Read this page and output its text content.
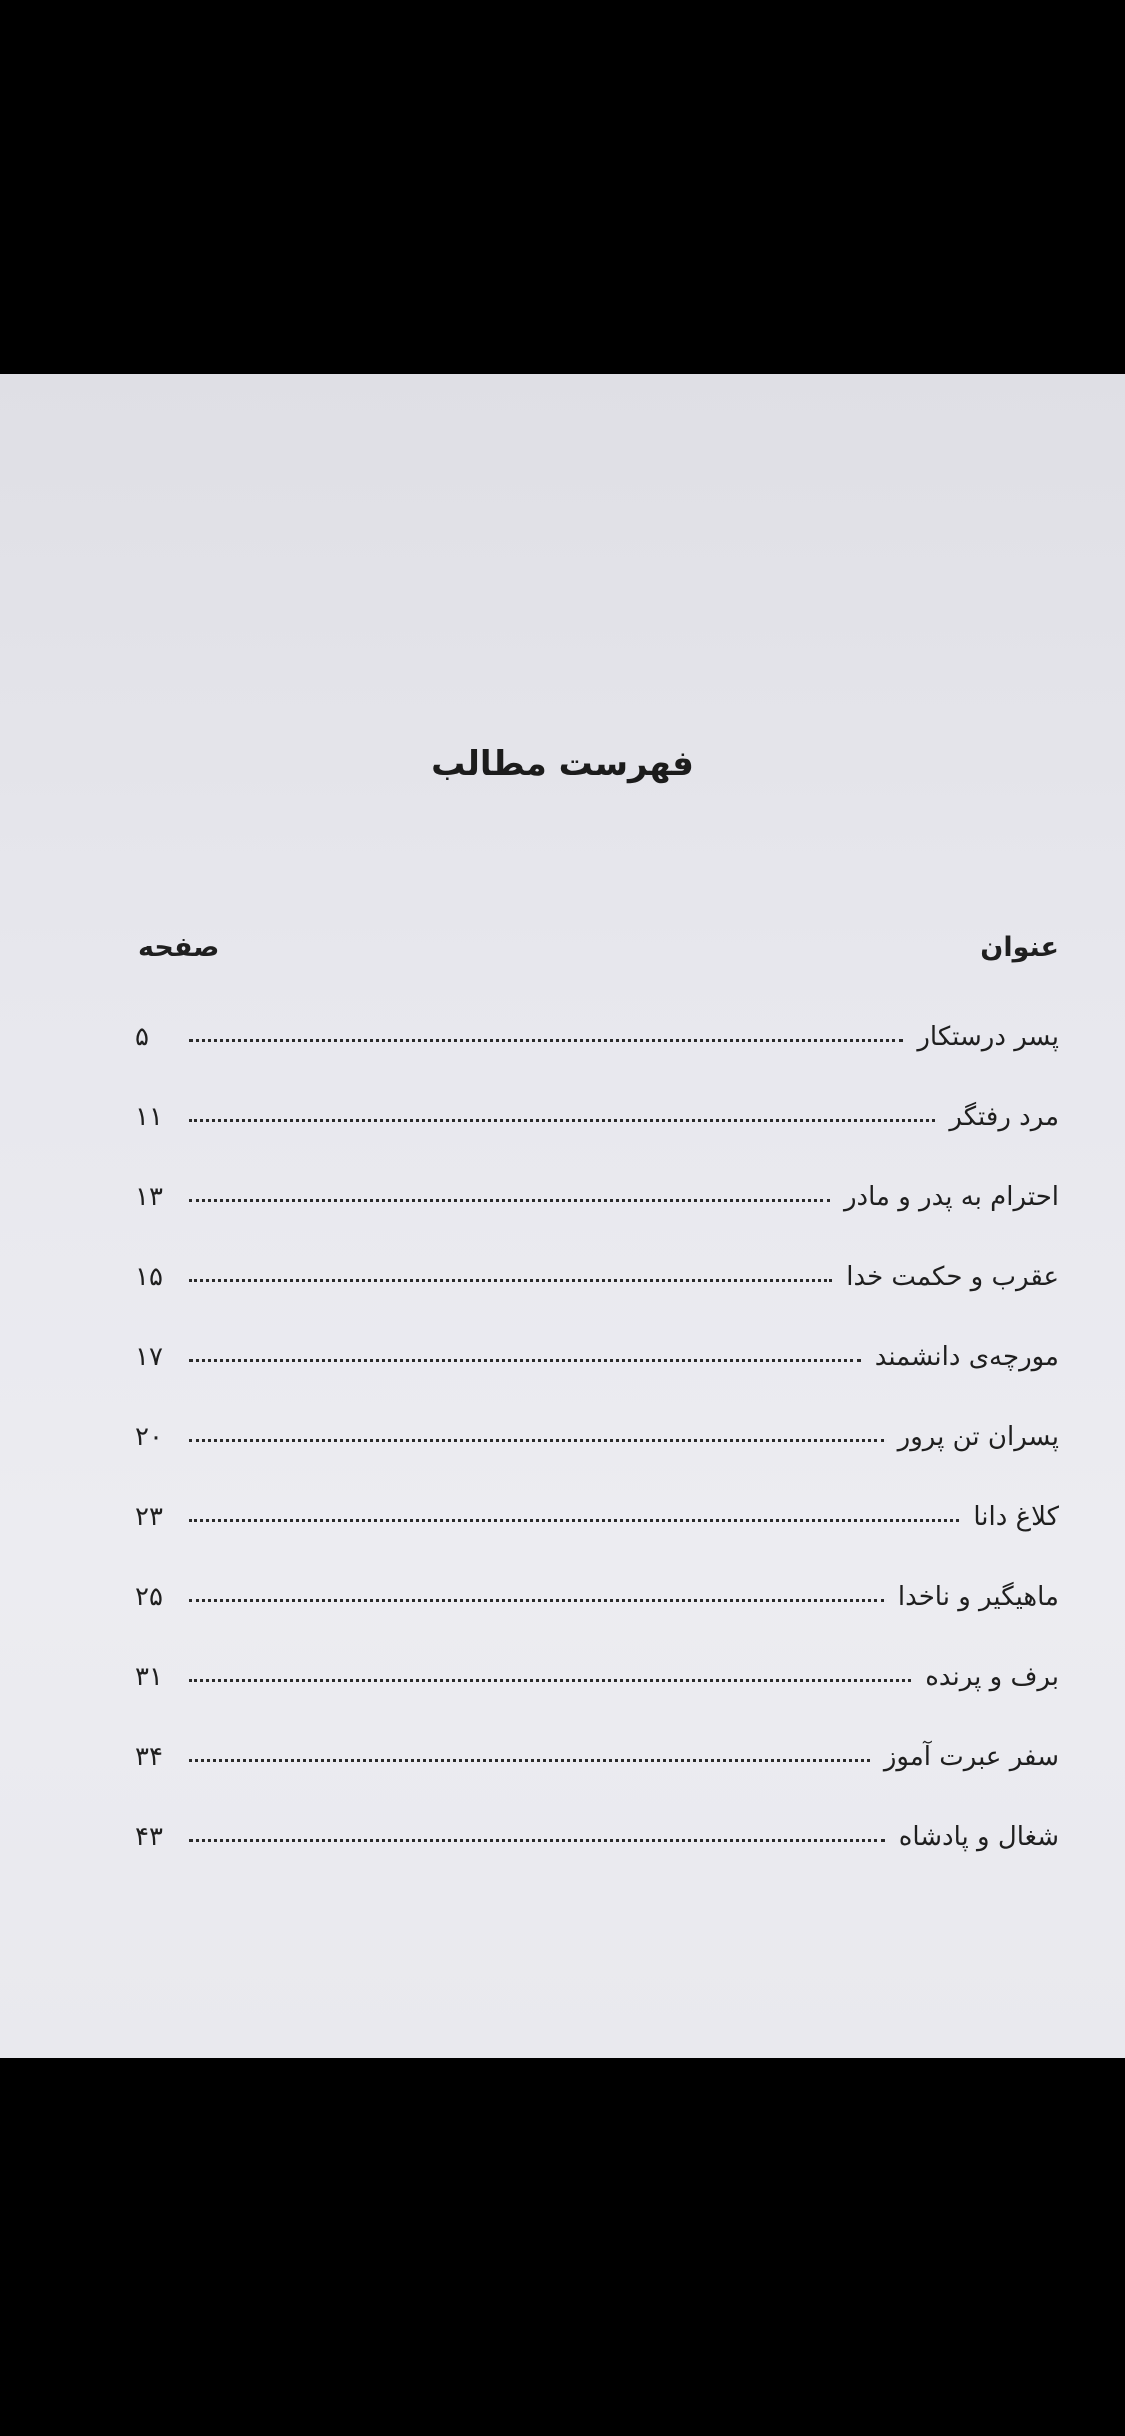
فهرست مطالب
عنوان
صفحه
پسر درستکار
۵
مرد رفتگر
۱۱
احترام به پدر و مادر
۱۳
عقرب و حکمت خدا
۱۵
مورچه‌ی دانشمند
۱۷
پسران تن پرور
۲۰
کلاغ دانا
۲۳
ماهیگیر و ناخدا
۲۵
برف و پرنده
۳۱
سفر عبرت آموز
۳۴
شغال و پادشاه
۴۳
